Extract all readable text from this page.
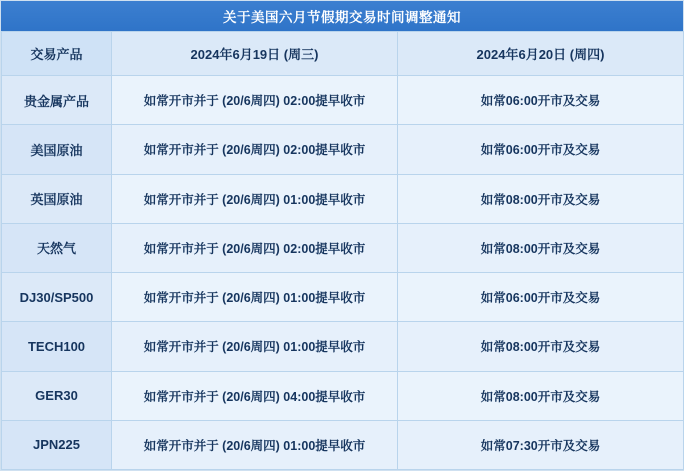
关于美国六月节假期交易时间调整通知
交易产品	2024年6月19日 (周三)	2024年6月20日 (周四)
贵金属产品	如常开市并于 (20/6周四) 02:00提早收市	如常06:00开市及交易
美国原油	如常开市并于 (20/6周四) 02:00提早收市	如常06:00开市及交易
英国原油	如常开市并于 (20/6周四) 01:00提早收市	如常08:00开市及交易
天然气	如常开市并于 (20/6周四) 02:00提早收市	如常08:00开市及交易
DJ30/SP500	如常开市并于 (20/6周四) 01:00提早收市	如常06:00开市及交易
TECH100	如常开市并于 (20/6周四) 01:00提早收市	如常08:00开市及交易
GER30	如常开市并于 (20/6周四) 04:00提早收市	如常08:00开市及交易
JPN225	如常开市并于 (20/6周四) 01:00提早收市	如常07:30开市及交易
